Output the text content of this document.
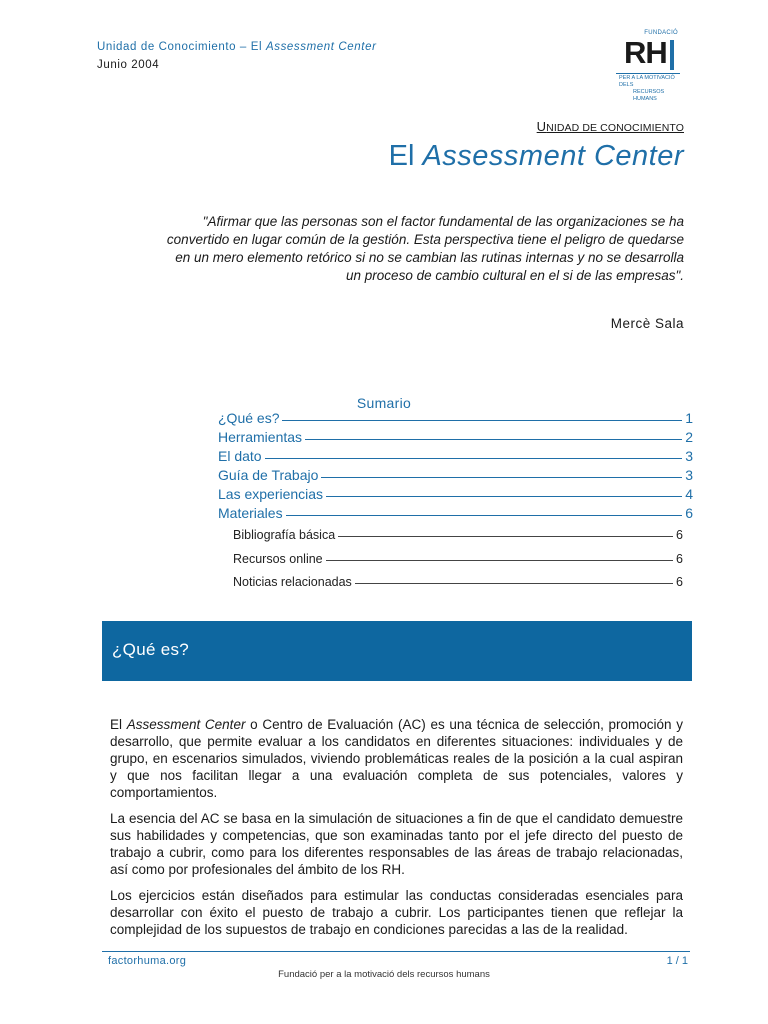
Unidad de Conocimiento – El Assessment Center
Junio 2004
FUNDACIÓ
RH
PER A LA MOTIVACIÓ DELS
RECURSOS HUMANS
UNIDAD DE CONOCIMIENTO
El Assessment Center
"Afirmar que las personas son el factor fundamental de las organizaciones se ha convertido en lugar común de la gestión. Esta perspectiva tiene el peligro de quedarse en un mero elemento retórico si no se cambian las rutinas internas y no se desarrolla un proceso de cambio cultural en el si de las empresas".
Mercè Sala
Sumario
¿Qué es?	1
Herramientas	2
El dato	3
Guía de Trabajo	3
Las experiencias	4
Materiales	6
Bibliografía básica	6
Recursos online	6
Noticias relacionadas	6
¿Qué es?
El Assessment Center o Centro de Evaluación (AC) es una técnica de selección, promoción y desarrollo, que permite evaluar a los candidatos en diferentes situaciones: individuales y de grupo, en escenarios simulados, viviendo problemáticas reales de la posición a la cual aspiran y que nos facilitan llegar a una evaluación completa de sus potenciales, valores y comportamientos.
La esencia del AC se basa en la simulación de situaciones a fin de que el candidato demuestre sus habilidades y competencias, que son examinadas tanto por el jefe directo del puesto de trabajo a cubrir, como para los diferentes responsables de las áreas de trabajo relacionadas, así como por profesionales del ámbito de los RH.
Los ejercicios están diseñados para estimular las conductas consideradas esenciales para desarrollar con éxito el puesto de trabajo a cubrir. Los participantes tienen que reflejar la complejidad de los supuestos de trabajo en condiciones parecidas a las de la realidad.
factorhuma.org	1 / 1
Fundació per a la motivació dels recursos humans
